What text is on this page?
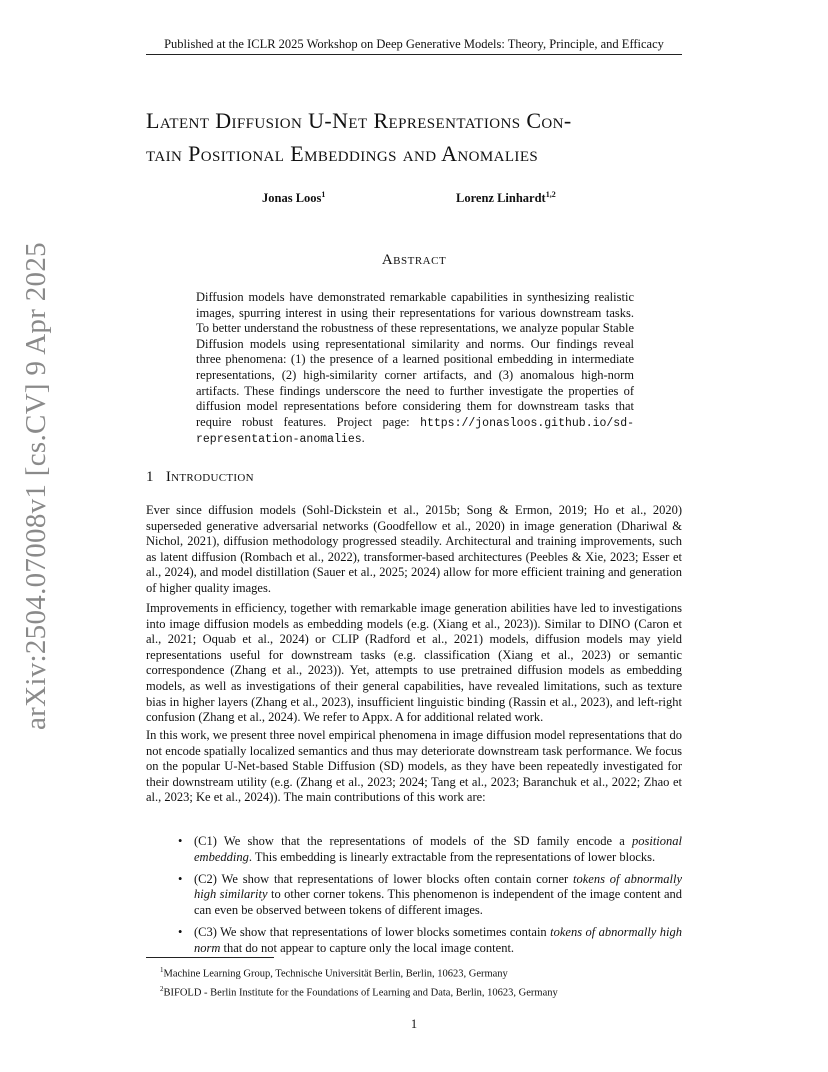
Published at the ICLR 2025 Workshop on Deep Generative Models: Theory, Principle, and Efficacy
arXiv:2504.07008v1 [cs.CV] 9 Apr 2025
Latent Diffusion U-Net Representations Con-
tain Positional Embeddings and Anomalies
Jonas Loos$^1$	Lorenz Linhardt$^{1,2}$
Abstract

Diffusion models have demonstrated remarkable capabilities in synthesizing realistic images, spurring interest in using their representations for various downstream tasks. To better understand the robustness of these representations, we analyze popular Stable Diffusion models using representational similarity and norms. Our findings reveal three phenomena: (1) the presence of a learned positional embedding in intermediate representations, (2) high-similarity corner artifacts, and (3) anomalous high-norm artifacts. These findings underscore the need to further investigate the properties of diffusion model representations before considering them for downstream tasks that require robust features. Project page: https://jonasloos.github.io/sd-representation-anomalies.

1 Introduction

Ever since diffusion models (Sohl-Dickstein et al., 2015b; Song & Ermon, 2019; Ho et al., 2020) superseded generative adversarial networks (Goodfellow et al., 2020) in image generation (Dhariwal & Nichol, 2021), diffusion methodology progressed steadily. Architectural and training improvements, such as latent diffusion (Rombach et al., 2022), transformer-based architectures (Peebles & Xie, 2023; Esser et al., 2024), and model distillation (Sauer et al., 2025; 2024) allow for more efficient training and generation of higher quality images.

Improvements in efficiency, together with remarkable image generation abilities have led to investigations into image diffusion models as embedding models (e.g. (Xiang et al., 2023)). Similar to DINO (Caron et al., 2021; Oquab et al., 2024) or CLIP (Radford et al., 2021) models, diffusion models may yield representations useful for downstream tasks (e.g. classification (Xiang et al., 2023) or semantic correspondence (Zhang et al., 2023)). Yet, attempts to use pretrained diffusion models as embedding models, as well as investigations of their general capabilities, have revealed limitations, such as texture bias in higher layers (Zhang et al., 2023), insufficient linguistic binding (Rassin et al., 2023), and left-right confusion (Zhang et al., 2024). We refer to Appx. A for additional related work.

In this work, we present three novel empirical phenomena in image diffusion model representations that do not encode spatially localized semantics and thus may deteriorate downstream task performance. We focus on the popular U-Net-based Stable Diffusion (SD) models, as they have been repeatedly investigated for their downstream utility (e.g. (Zhang et al., 2023; 2024; Tang et al., 2023; Baranchuk et al., 2022; Zhao et al., 2023; Ke et al., 2024)). The main contributions of this work are:

• (C1) We show that the representations of models of the SD family encode a positional embedding. This embedding is linearly extractable from the representations of lower blocks.
• (C2) We show that representations of lower blocks often contain corner tokens of abnormally high similarity to other corner tokens. This phenomenon is independent of the image content and can even be observed between tokens of different images.
• (C3) We show that representations of lower blocks sometimes contain tokens of abnormally high norm that do not appear to capture only the local image content.
$^1$Machine Learning Group, Technische Universität Berlin, Berlin, 10623, Germany
$^2$BIFOLD - Berlin Institute for the Foundations of Learning and Data, Berlin, 10623, Germany
1
